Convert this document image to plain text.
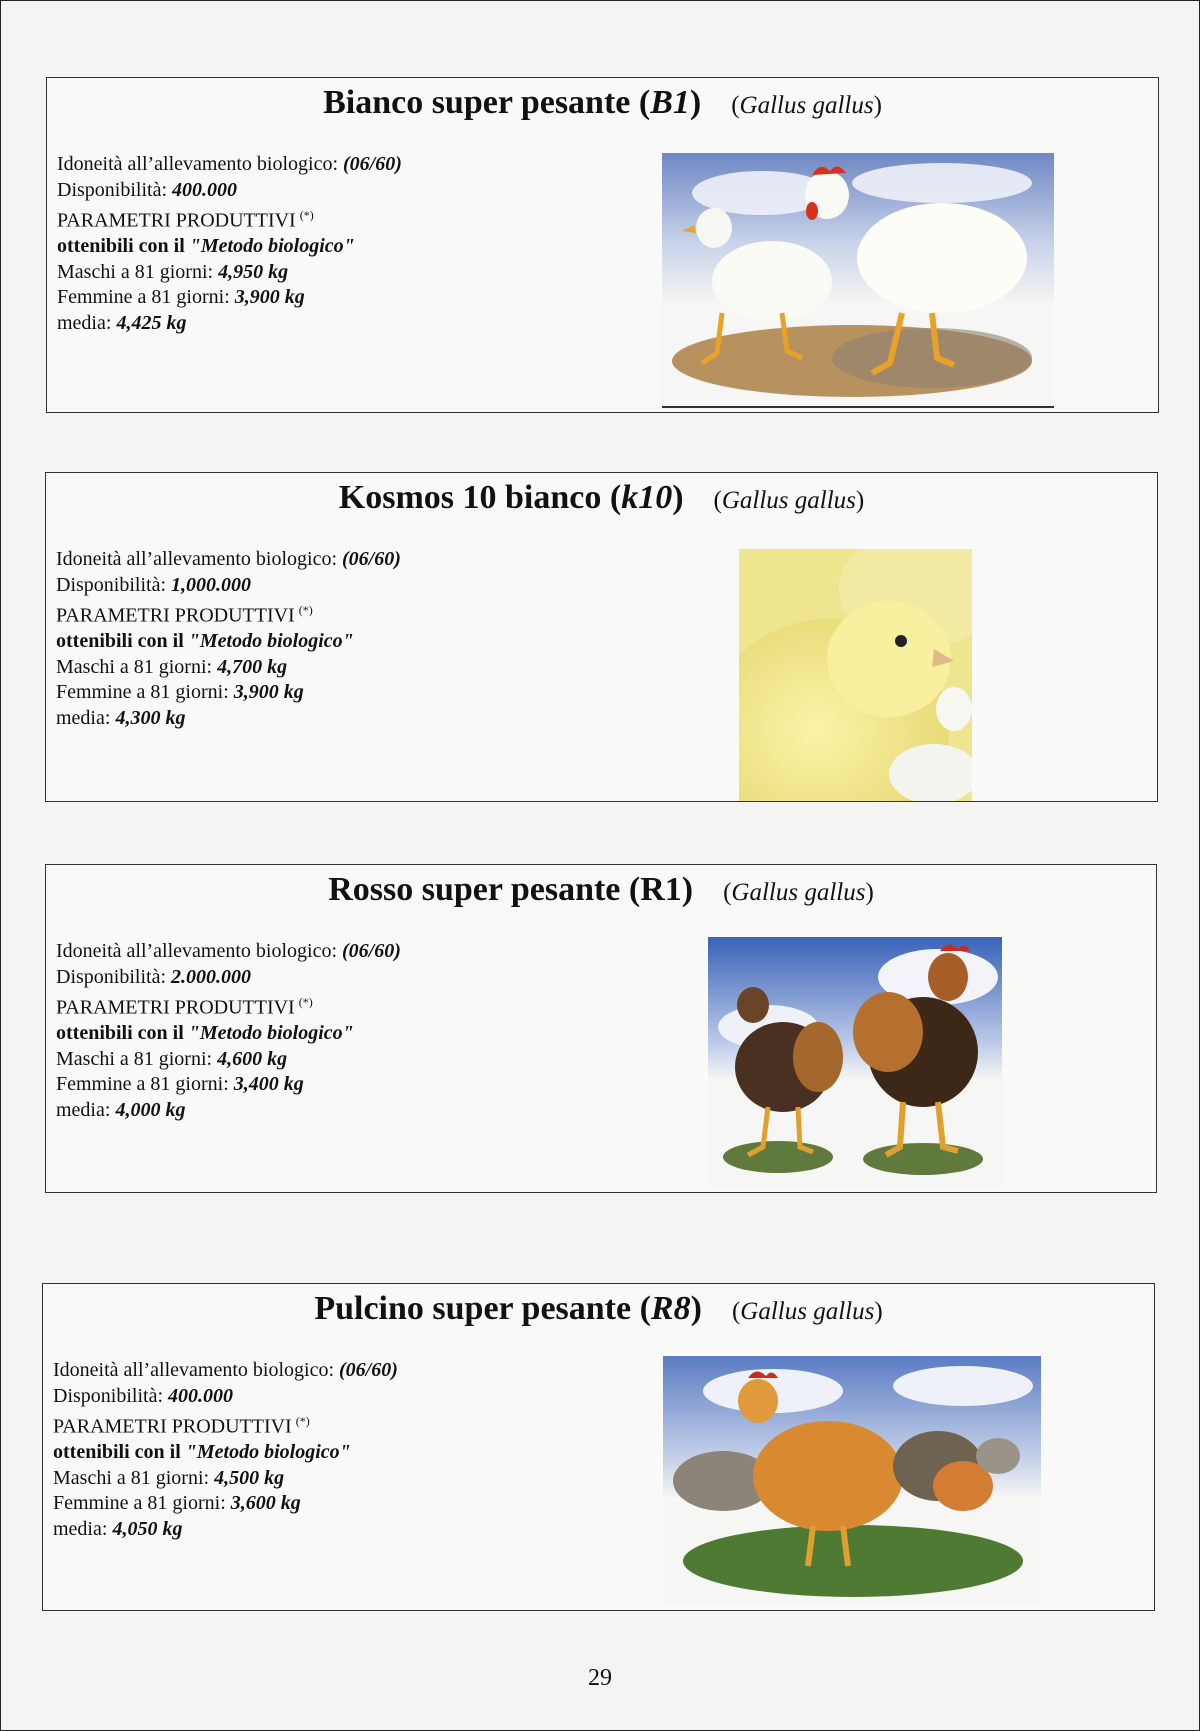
Bianco super pesante (B1) (Gallus gallus)
Idoneità all’allevamento biologico: (06/60)
Disponibilità: 400.000
PARAMETRI PRODUTTIVI (*)
ottenibili con il "Metodo biologico"
Maschi a 81 giorni: 4,950 kg
Femmine a 81 giorni: 3,900 kg
media: 4,425 kg
Kosmos 10 bianco (k10) (Gallus gallus)
Idoneità all’allevamento biologico: (06/60)
Disponibilità: 1,000.000
PARAMETRI PRODUTTIVI (*)
ottenibili con il "Metodo biologico"
Maschi a 81 giorni: 4,700 kg
Femmine a 81 giorni: 3,900 kg
media: 4,300 kg
Rosso super pesante (R1) (Gallus gallus)
Idoneità all’allevamento biologico: (06/60)
Disponibilità: 2.000.000
PARAMETRI PRODUTTIVI (*)
ottenibili con il "Metodo biologico"
Maschi a 81 giorni: 4,600 kg
Femmine a 81 giorni: 3,400 kg
media: 4,000 kg
Pulcino super pesante (R8) (Gallus gallus)
Idoneità all’allevamento biologico: (06/60)
Disponibilità: 400.000
PARAMETRI PRODUTTIVI (*)
ottenibili con il "Metodo biologico"
Maschi a 81 giorni: 4,500 kg
Femmine a 81 giorni: 3,600 kg
media: 4,050 kg
29
